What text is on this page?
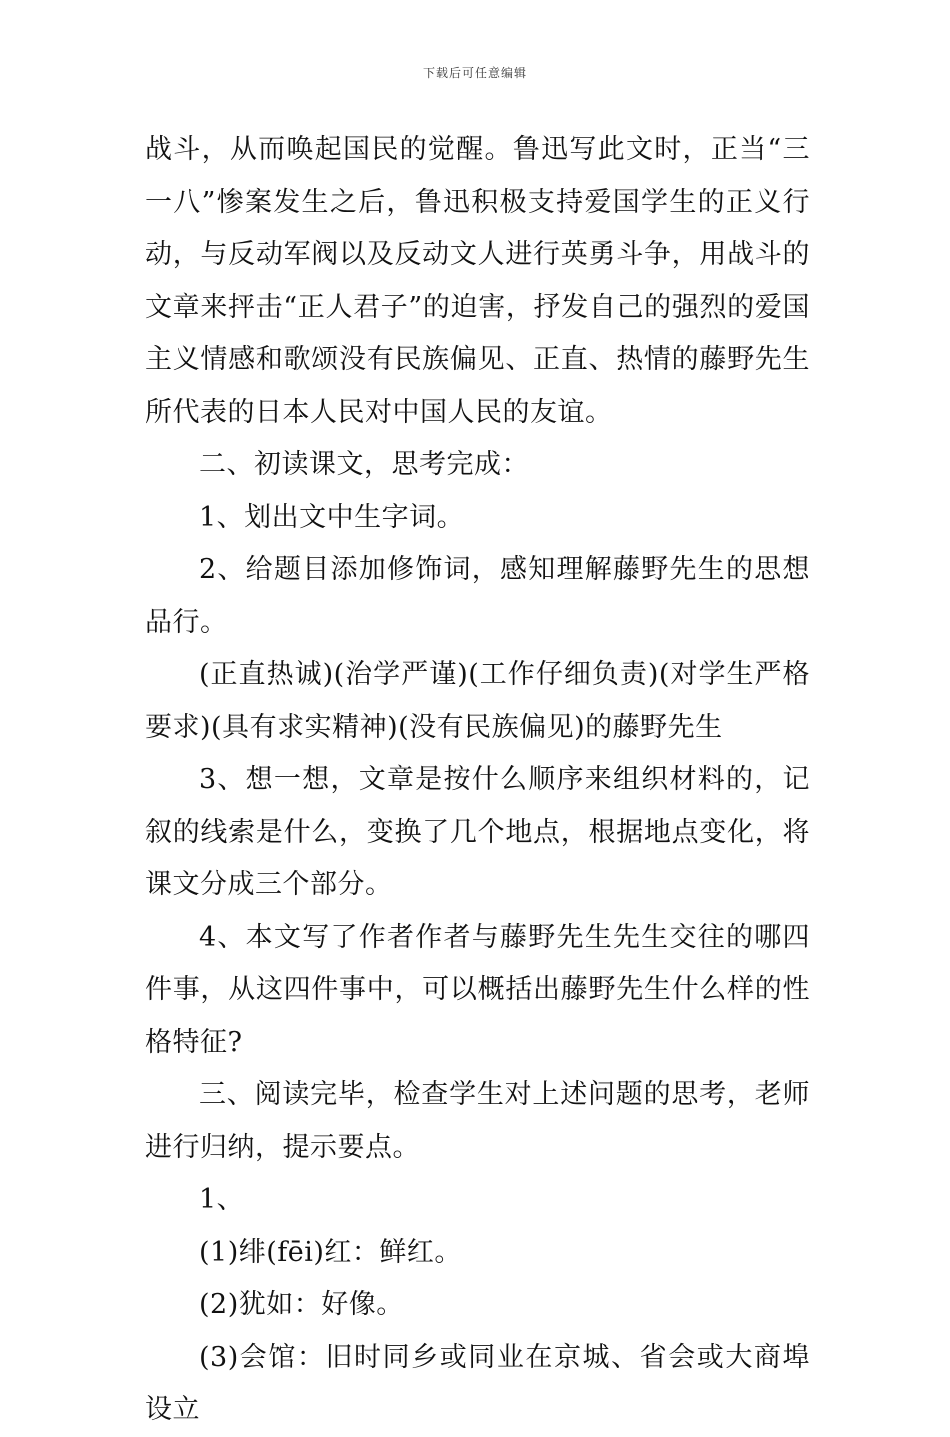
下载后可任意编辑

战斗，从而唤起国民的觉醒。鲁迅写此文时，正当“三一八”惨案发生之后，鲁迅积极支持爱国学生的正义行动，与反动军阀以及反动文人进行英勇斗争，用战斗的文章来抨击“正人君子”的迫害，抒发自己的强烈的爱国主义情感和歌颂没有民族偏见、正直、热情的藤野先生所代表的日本人民对中国人民的友谊。

二、初读课文，思考完成：

1、划出文中生字词。

2、给题目添加修饰词，感知理解藤野先生的思想品行。

(正直热诚)(治学严谨)(工作仔细负责)(对学生严格要求)(具有求实精神)(没有民族偏见)的藤野先生

3、想一想，文章是按什么顺序来组织材料的，记叙的线索是什么，变换了几个地点，根据地点变化，将课文分成三个部分。

4、本文写了作者作者与藤野先生先生交往的哪四件事，从这四件事中，可以概括出藤野先生什么样的性格特征?

三、阅读完毕，检查学生对上述问题的思考，老师进行归纳，提示要点。

1、

(1)绯(fēi)红：鲜红。

(2)犹如：好像。

(3)会馆：旧时同乡或同业在京城、省会或大商埠设立
